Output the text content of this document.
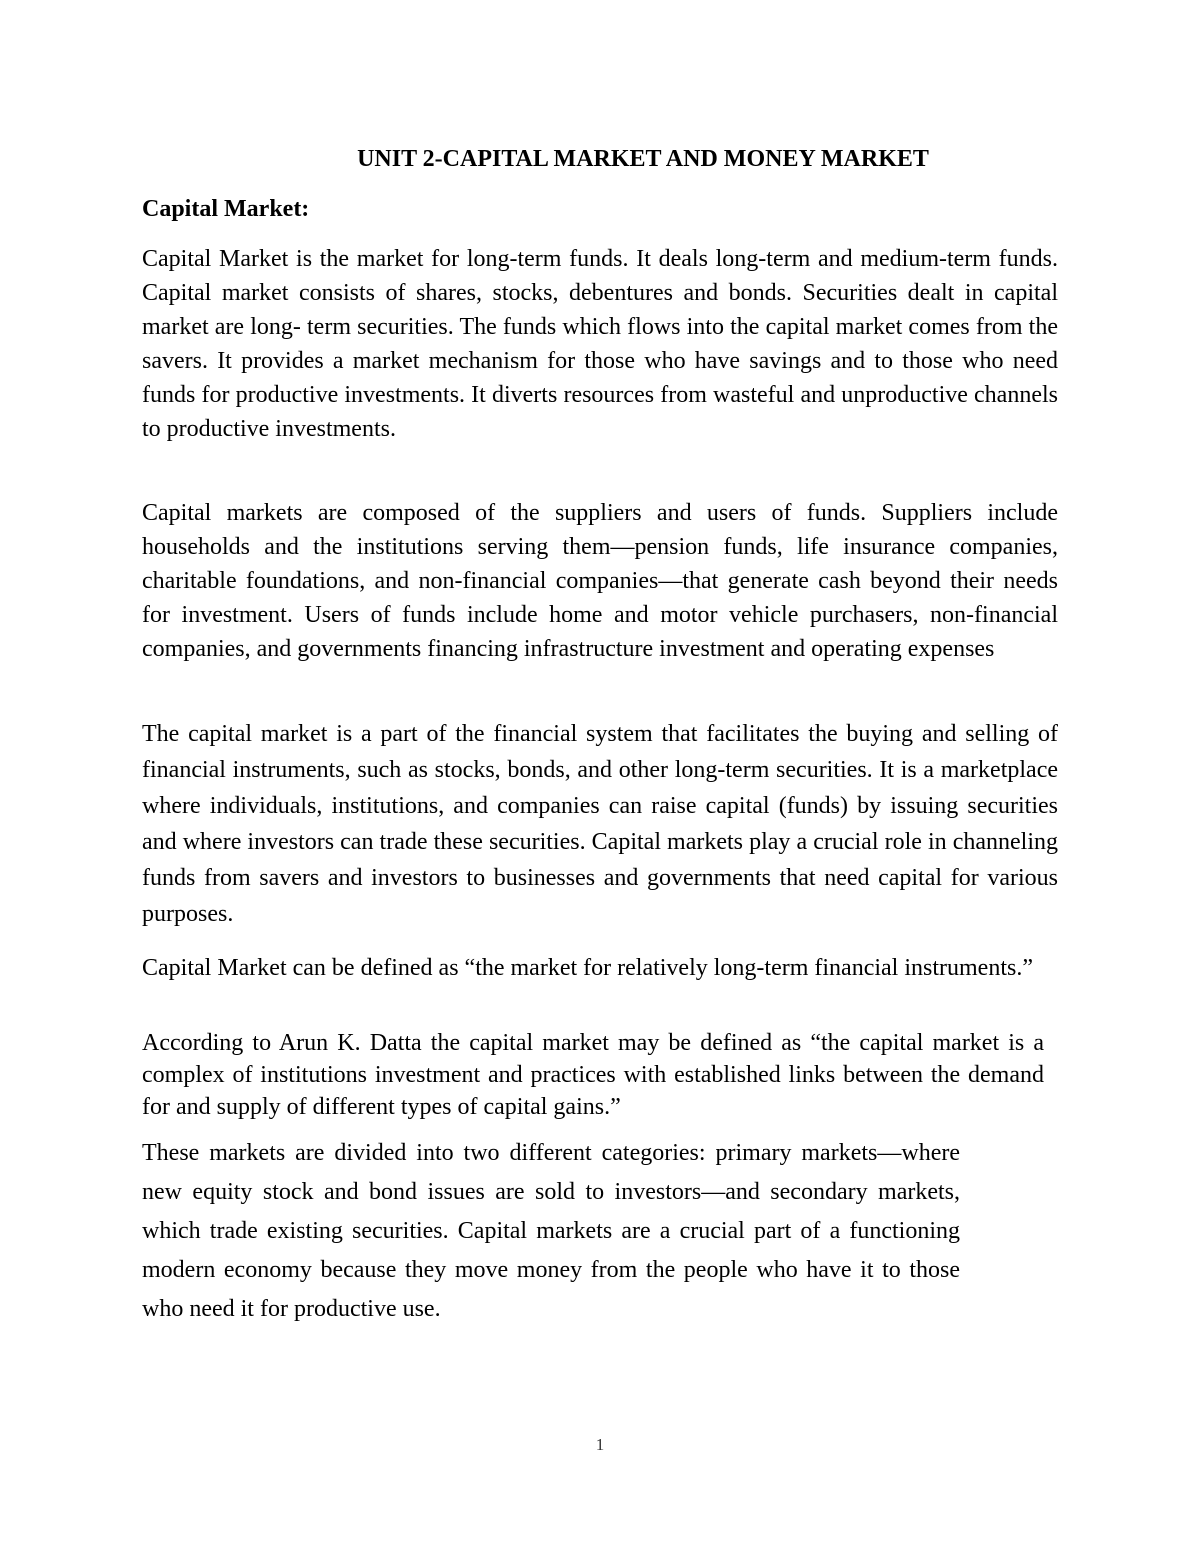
UNIT 2-CAPITAL MARKET AND MONEY MARKET
Capital Market:

Capital Market is the market for long-term funds. It deals long-term and medium-term funds. Capital market consists of shares, stocks, debentures and bonds. Securities dealt in capital market are long- term securities. The funds which flows into the capital market comes from the savers. It provides a market mechanism for those who have savings and to those who need funds for productive investments. It diverts resources from wasteful and unproductive channels to productive investments.

Capital markets are composed of the suppliers and users of funds. Suppliers include households and the institutions serving them—pension funds, life insurance companies, charitable foundations, and non-financial companies—that generate cash beyond their needs for investment. Users of funds include home and motor vehicle purchasers, non-financial companies, and governments financing infrastructure investment and operating expenses

The capital market is a part of the financial system that facilitates the buying and selling of financial instruments, such as stocks, bonds, and other long-term securities. It is a marketplace where individuals, institutions, and companies can raise capital (funds) by issuing securities and where investors can trade these securities. Capital markets play a crucial role in channeling funds from savers and investors to businesses and governments that need capital for various purposes.

Capital Market can be defined as “the market for relatively long-term financial instruments.”

According to Arun K. Datta the capital market may be defined as “the capital market is a complex of institutions investment and practices with established links between the demand for and supply of different types of capital gains.”

These markets are divided into two different categories: primary markets—where new equity stock and bond issues are sold to investors—and secondary markets, which trade existing securities. Capital markets are a crucial part of a functioning modern economy because they move money from the people who have it to those who need it for productive use.

1
